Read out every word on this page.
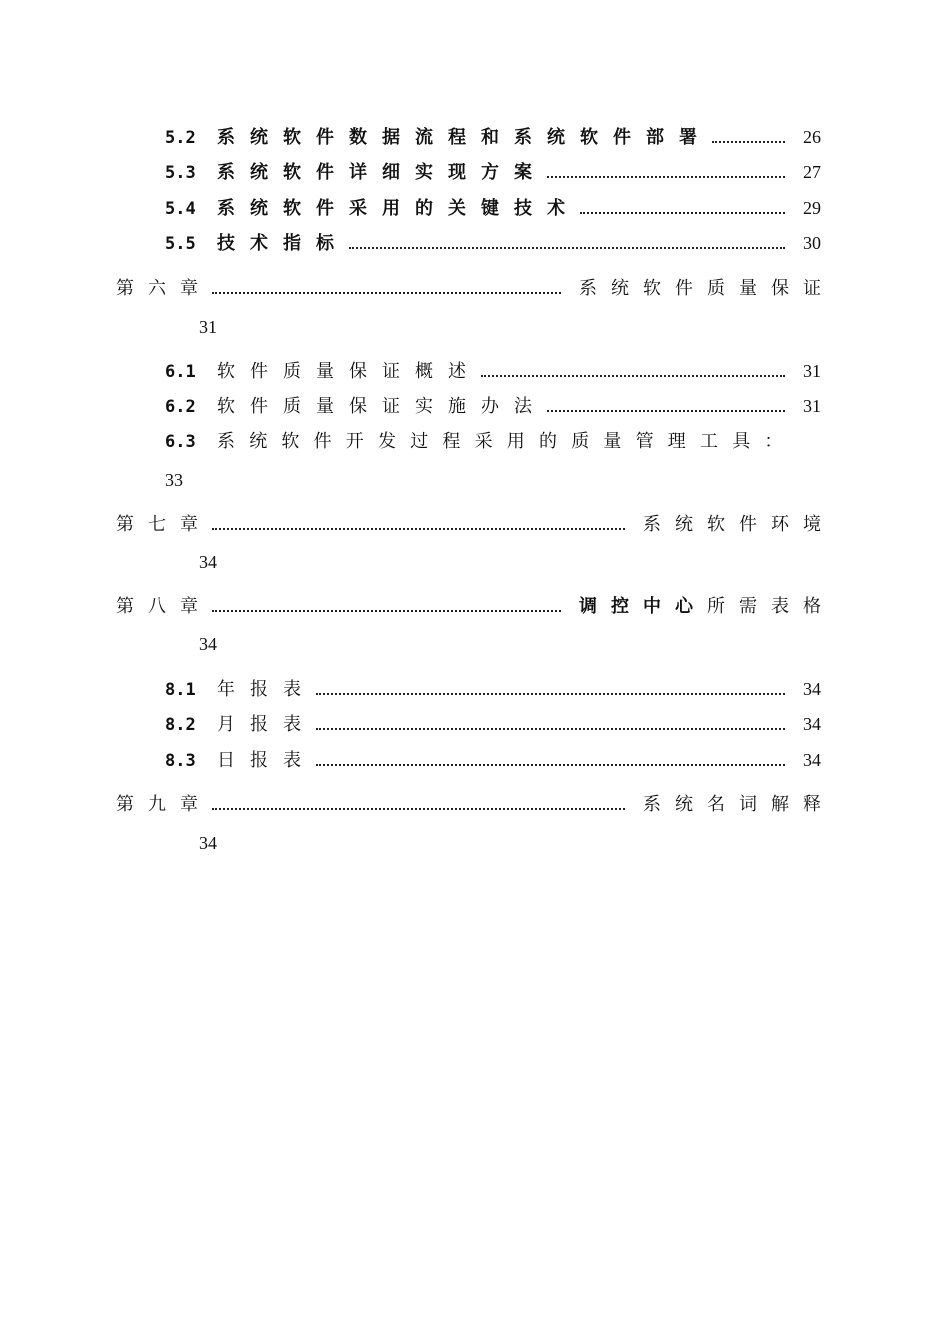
5.2	系统软件数据流程和系统软件部署	26
5.3	系统软件详细实现方案	27
5.4	系统软件采用的关键技术	29
5.5	技术指标	30
第六章	系统软件质量保证
31
6.1	软件质量保证概述	31
6.2	软件质量保证实施办法	31
6.3	系统软件开发过程采用的质量管理工具：
33
第七章	系统软件环境
34
第八章	调控中心所需表格
34
8.1	年报表	34
8.2	月报表	34
8.3	日报表	34
第九章	系统名词解释
34
